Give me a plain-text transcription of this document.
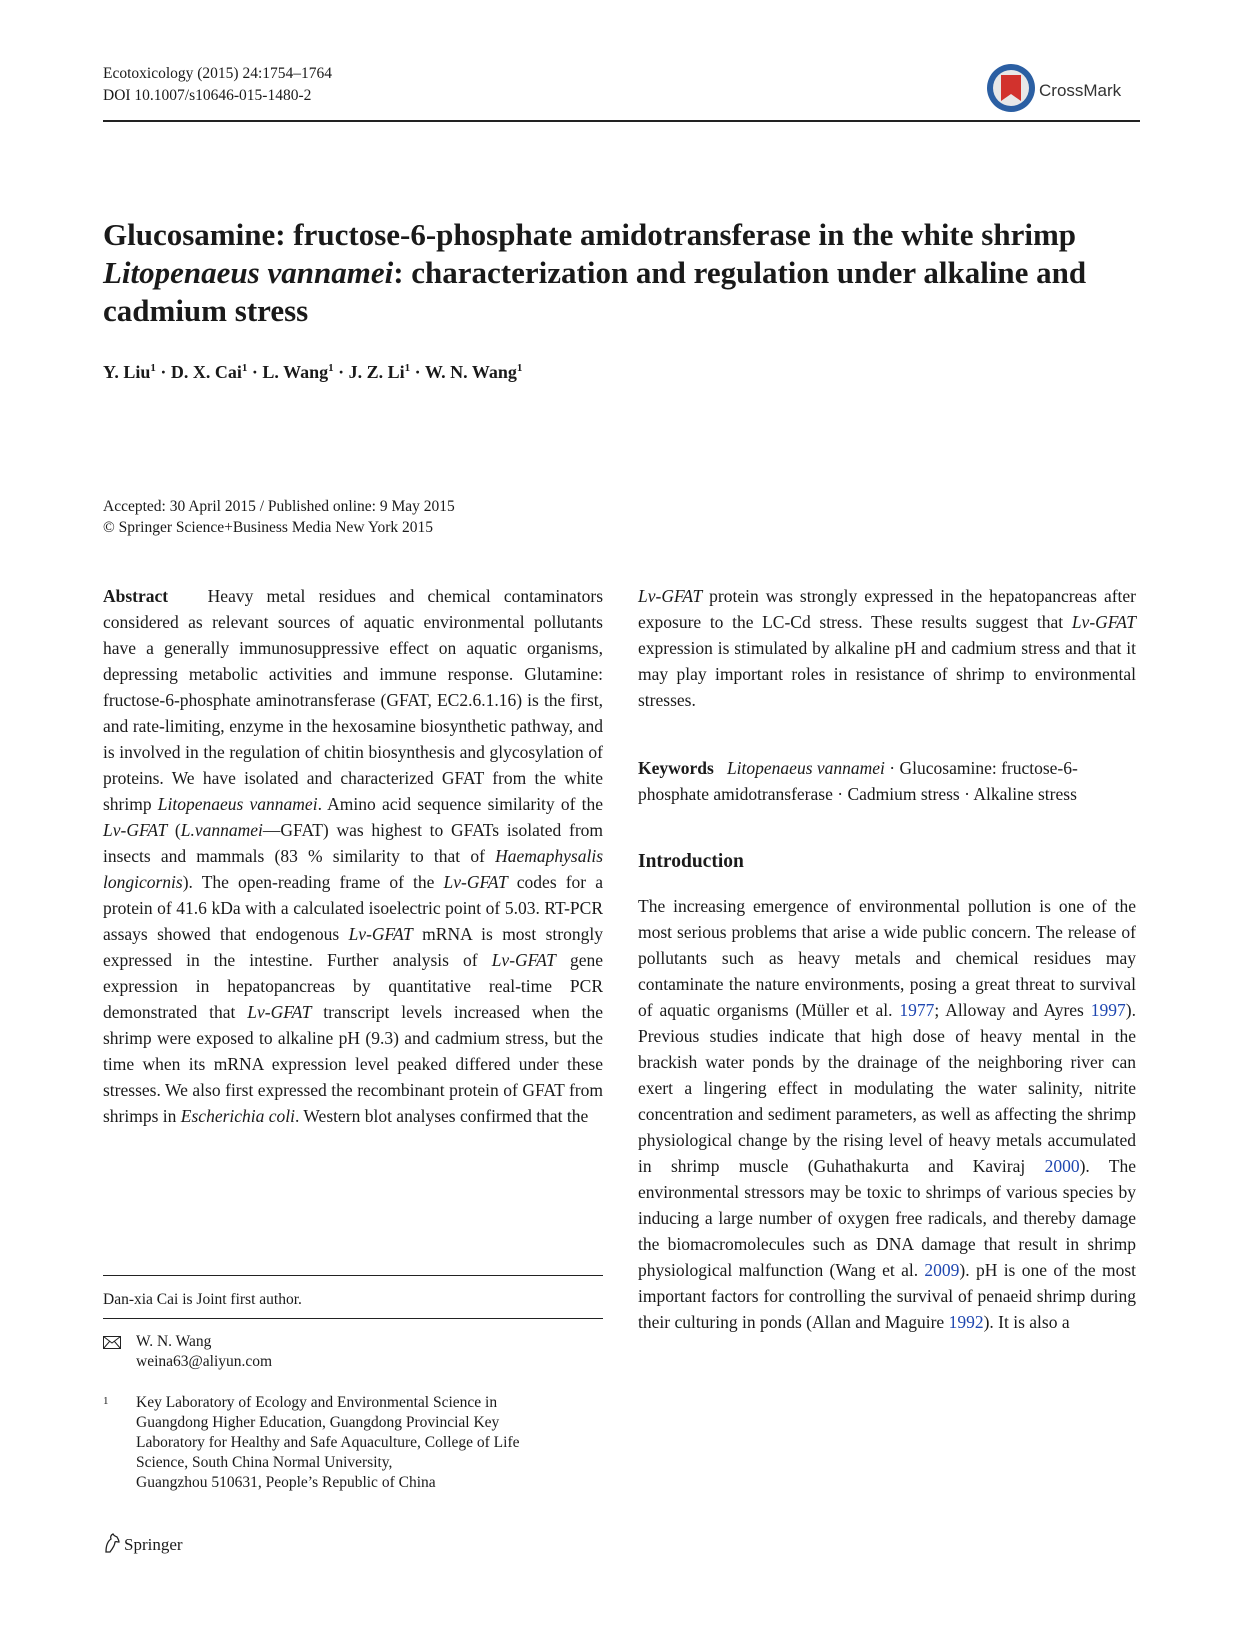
Ecotoxicology (2015) 24:1754–1764
DOI 10.1007/s10646-015-1480-2	CrossMark
Glucosamine: fructose-6-phosphate amidotransferase in the white shrimp Litopenaeus vannamei: characterization and regulation under alkaline and cadmium stress
Y. Liu$^1$ · D. X. Cai$^1$ · L. Wang$^1$ · J. Z. $Li^1 \cdot W$. N. Wang$^1$
Accepted: 30 April 2015 / Published online: 9 May 2015
© Springer Science+Business Media New York 2015
Abstract Heavy metal residues and chemical contaminators considered as relevant sources of aquatic environmental pollutants have a generally immunosuppressive effect on aquatic organisms, depressing metabolic activities and immune response. Glutamine: fructose-6-phosphate aminotransferase (GFAT, EC2.6.1.16) is the first, and rate-limiting, enzyme in the hexosamine biosynthetic pathway, and is involved in the regulation of chitin biosynthesis and glycosylation of proteins. We have isolated and characterized GFAT from the white shrimp Litopenaeus vannamei. Amino acid sequence similarity of the Lv-GFAT (L.vannamei—GFAT) was highest to GFATs isolated from insects and mammals (83 % similarity to that of Haemaphysalis longicornis). The open-reading frame of the Lv-GFAT codes for a protein of 41.6 kDa with a calculated isoelectric point of 5.03. RT-PCR assays showed that endogenous Lv-GFAT mRNA is most strongly expressed in the intestine. Further analysis of Lv-GFAT gene expression in hepatopancreas by quantitative real-time PCR demonstrated that Lv-GFAT transcript levels increased when the shrimp were exposed to alkaline pH (9.3) and cadmium stress, but the time when its mRNA expression level peaked differed under these stresses. We also first expressed the recombinant protein of GFAT from shrimps in Escherichia coli. Western blot analyses confirmed that the
Lv-GFAT protein was strongly expressed in the hepatopancreas after exposure to the LC-Cd stress. These results suggest that Lv-GFAT expression is stimulated by alkaline pH and cadmium stress and that it may play important roles in resistance of shrimp to environmental stresses.
Keywords Litopenaeus vannamei · Glucosamine: fructose-6-phosphate amidotransferase · Cadmium stress · Alkaline stress
Introduction
The increasing emergence of environmental pollution is one of the most serious problems that arise a wide public concern. The release of pollutants such as heavy metals and chemical residues may contaminate the nature environments, posing a great threat to survival of aquatic organisms (Müller et al. 1977; Alloway and Ayres 1997). Previous studies indicate that high dose of heavy mental in the brackish water ponds by the drainage of the neighboring river can exert a lingering effect in modulating the water salinity, nitrite concentration and sediment parameters, as well as affecting the shrimp physiological change by the rising level of heavy metals accumulated in shrimp muscle (Guhathakurta and Kaviraj 2000). The environmental stressors may be toxic to shrimps of various species by inducing a large number of oxygen free radicals, and thereby damage the biomacromolecules such as DNA damage that result in shrimp physiological malfunction (Wang et al. 2009). pH is one of the most important factors for controlling the survival of penaeid shrimp during their culturing in ponds (Allan and Maguire 1992). It is also a
Dan-xia Cai is Joint first author.
W. N. Wang
weina63@aliyun.com
1 Key Laboratory of Ecology and Environmental Science in
Guangdong Higher Education, Guangdong Provincial Key
Laboratory for Healthy and Safe Aquaculture, College of Life
Science, South China Normal University,
Guangzhou 510631, People’s Republic of China
Springer
